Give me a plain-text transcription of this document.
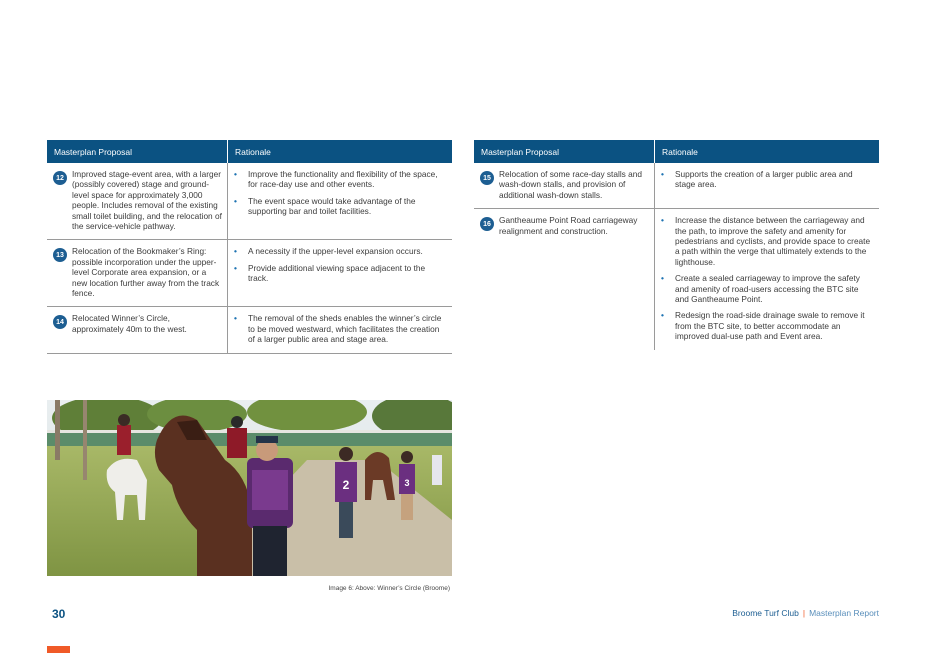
Masterplan Proposal	Rationale
12 Improved stage-event area, with a larger (possibly covered) stage and ground-level space for approximately 3,000 people. Includes removal of the existing small toilet building, and the relocation of the service-vehicle pathway.
•	Improve the functionality and flexibility of the space, for race-day use and other events.
•	The event space would take advantage of the supporting bar and toilet facilities.
13 Relocation of the Bookmaker’s Ring: possible incorporation under the upper-level Corporate area expansion, or a new location further away from the track fence.
•	A necessity if the upper-level expansion occurs.
•	Provide additional viewing space adjacent to the track.
14 Relocated Winner’s Circle, approximately 40m to the west.
•	The removal of the sheds enables the winner’s circle to be moved westward, which facilitates the creation of a larger public area and stage area.
Masterplan Proposal	Rationale
15 Relocation of some race-day stalls and wash-down stalls, and provision of additional wash-down stalls.
•	Supports the creation of a larger public area and stage area.
16 Gantheaume Point Road carriageway realignment and construction.
•	Increase the distance between the carriageway and the path, to improve the safety and amenity for pedestrians and cyclists, and provide space to create a path within the verge that ultimately extends to the lighthouse.
•	Create a sealed carriageway to improve the safety and amenity of road-users accessing the BTC site and Gantheaume Point.
•	Redesign the road-side drainage swale to remove it from the BTC site, to better accommodate an improved dual-use path and Event area.
2	3
Image 6: Above: Winner’s Circle (Broome)
30	Broome Turf Club | Masterplan Report
